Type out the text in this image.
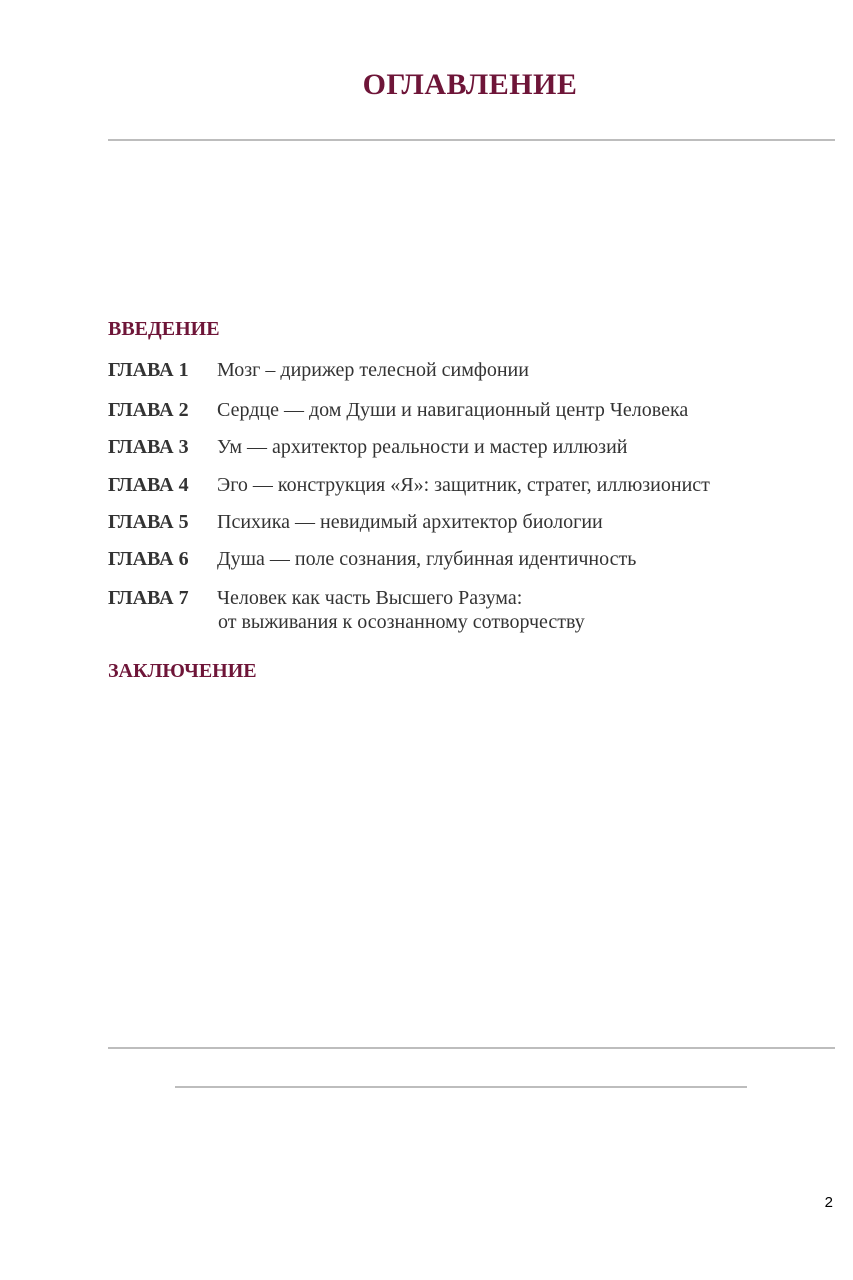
ОГЛАВЛЕНИЕ
ВВЕДЕНИЕ
ГЛАВА 1 Мозг – дирижер телесной симфонии
ГЛАВА 2 Сердце — дом Души и навигационный центр Человека
ГЛАВА 3 Ум — архитектор реальности и мастер иллюзий
ГЛАВА 4 Эго — конструкция «Я»: защитник, стратег, иллюзионист
ГЛАВА 5 Психика — невидимый архитектор биологии
ГЛАВА 6 Душа — поле сознания, глубинная идентичность
ГЛАВА 7 Человек как часть Высшего Разума:
от выживания к осознанному сотворчеству
ЗАКЛЮЧЕНИЕ
2
